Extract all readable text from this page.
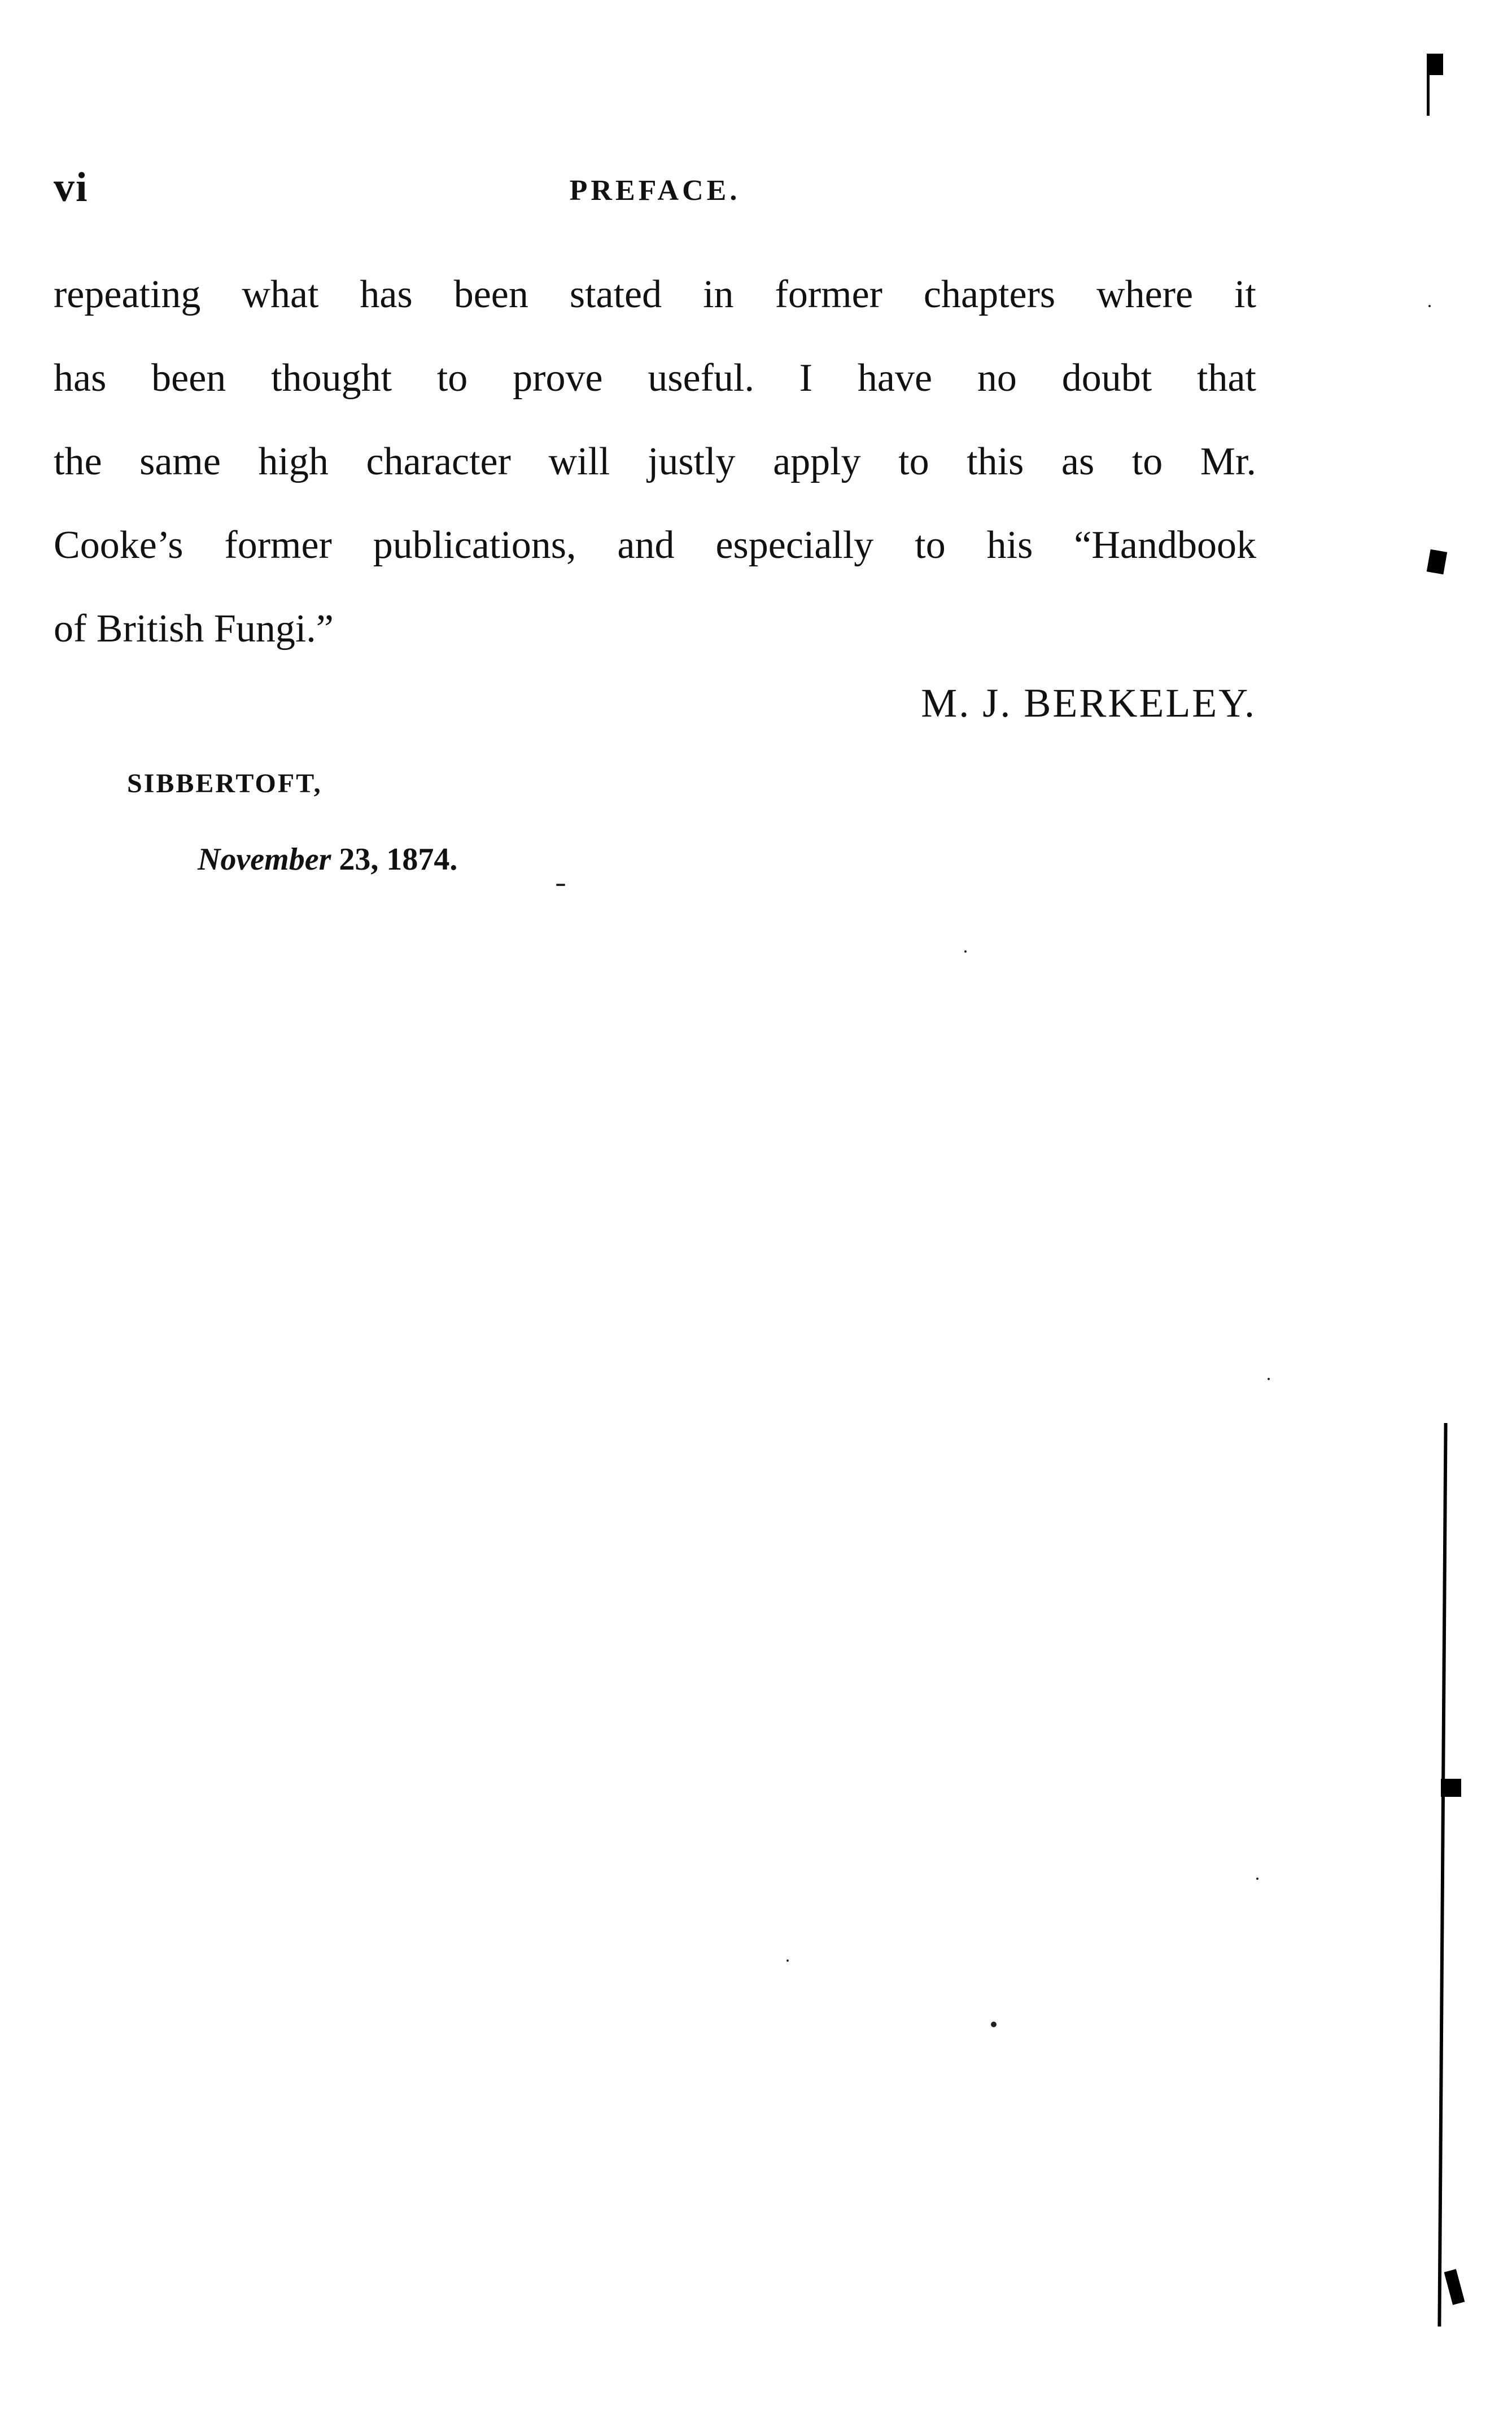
vi	PREFACE.
repeating what has been stated in former chapters where it
has been thought to prove useful. I have no doubt that
the same high character will justly apply to this as to Mr.
Cooke’s former publications, and especially to his “Handbook
of British Fungi.”
M. J. BERKELEY.
SIBBERTOFT,
November 23, 1874.
